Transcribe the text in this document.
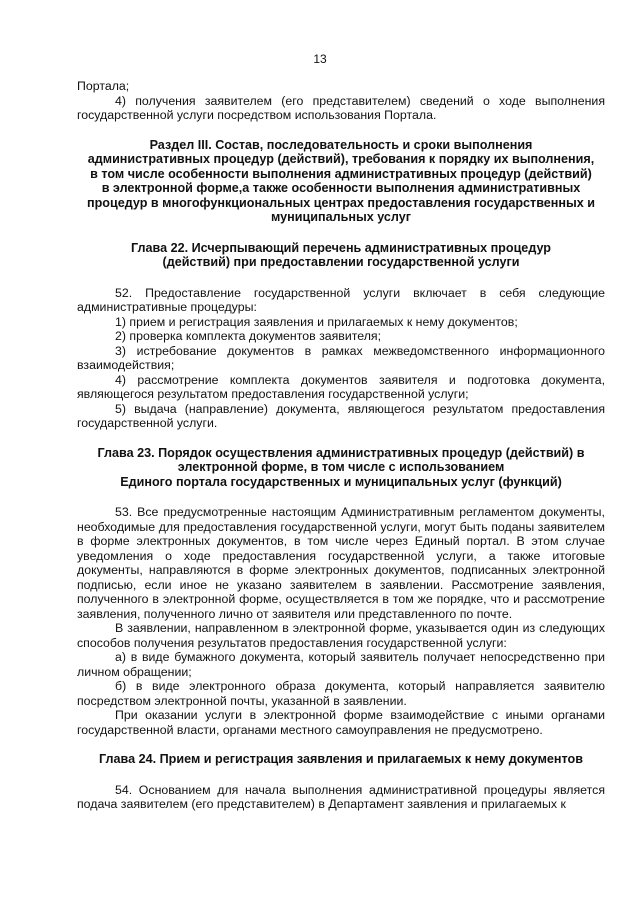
13

Портала;

4) получения заявителем (его представителем) сведений о ходе выполнения государственной услуги посредством использования Портала.

Раздел III. Состав, последовательность и сроки выполнения
административных процедур (действий), требования к порядку их выполнения,
в том числе особенности выполнения административных процедур (действий)
в электронной форме,а также особенности выполнения административных
процедур в многофункциональных центрах предоставления государственных и
муниципальных услуг
Глава 22. Исчерпывающий перечень административных процедур
(действий) при предоставлении государственной услуги

52. Предоставление государственной услуги включает в себя следующие административные процедуры:

1) прием и регистрация заявления и прилагаемых к нему документов;

2) проверка комплекта документов заявителя;

3) истребование документов в рамках межведомственного информационного взаимодействия;

4) рассмотрение комплекта документов заявителя и подготовка документа, являющегося результатом предоставления государственной услуги;

5) выдача (направление) документа, являющегося результатом предоставления государственной услуги.

Глава 23. Порядок осуществления административных процедур (действий) в
электронной форме, в том числе с использованием
Единого портала государственных и муниципальных услуг (функций)

53. Все предусмотренные настоящим Административным регламентом документы, необходимые для предоставления государственной услуги, могут быть поданы заявителем в форме электронных документов, в том числе через Единый портал. В этом случае уведомления о ходе предоставления государственной услуги, а также итоговые документы, направляются в форме электронных документов, подписанных электронной подписью, если иное не указано заявителем в заявлении. Рассмотрение заявления, полученного в электронной форме, осуществляется в том же порядке, что и рассмотрение заявления, полученного лично от заявителя или представленного по почте.

В заявлении, направленном в электронной форме, указывается один из следующих способов получения результатов предоставления государственной услуги:

а) в виде бумажного документа, который заявитель получает непосредственно при личном обращении;

б) в виде электронного образа документа, который направляется заявителю посредством электронной почты, указанной в заявлении.

При оказании услуги в электронной форме взаимодействие с иными органами государственной власти, органами местного самоуправления не предусмотрено.

Глава 24. Прием и регистрация заявления и прилагаемых к нему документов

54. Основанием для начала выполнения административной процедуры является подача заявителем (его представителем) в Департамент заявления и прилагаемых к
